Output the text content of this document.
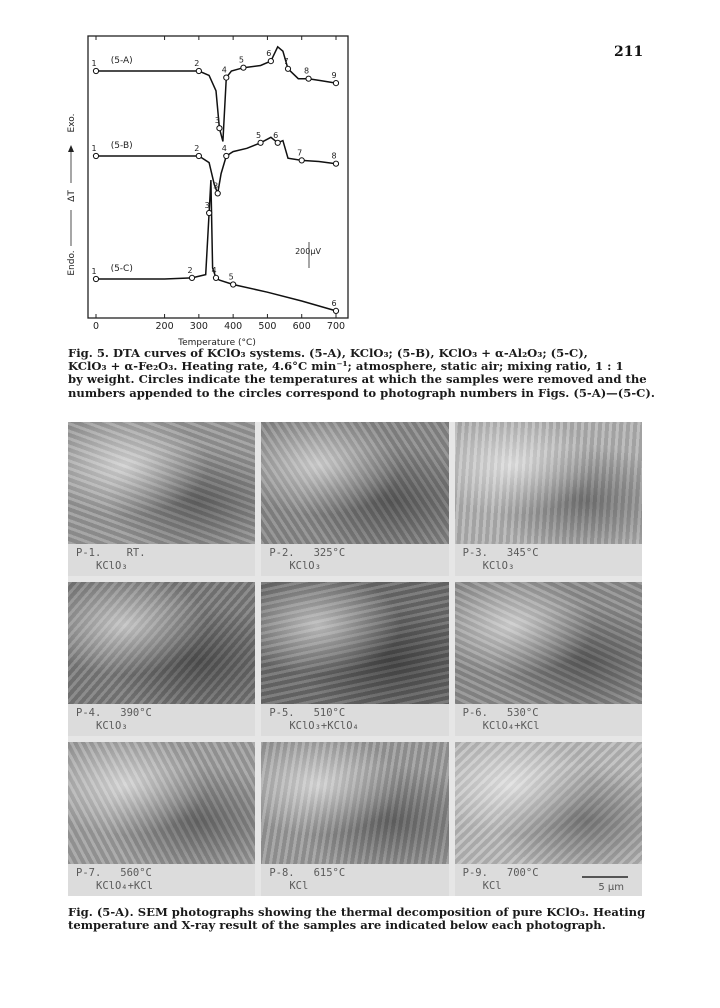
211
0	200 300 400 500 600 700
Temperature (°C)
Endo.
ΔT
Exo.
200μV
(5-A)
1	2
3
4
5
6
7
8	9
(5-B)
1	2
3
4
5 6
7	8
(5-C)
1	2
3
4
5
6
Fig. 5. DTA curves of KClO₃ systems. (5-A), KClO₃; (5-B), KClO₃ + α-Al₂O₃; (5-C),
KClO₃ + α-Fe₂O₃. Heating rate, 4.6°C min⁻¹; atmosphere, static air; mixing ratio, 1 : 1
by weight. Circles indicate the temperatures at which the samples were removed and the
numbers appended to the circles correspond to photograph numbers in Figs. (5-A)—(5-C).
P-1.    RT.
KClO₃
P-2.   325°C
KClO₃
P-3.   345°C
KClO₃
P-4.   390°C
KClO₃
P-5.   510°C
KClO₃+KClO₄
P-6.   530°C
KClO₄+KCl
P-7.   560°C
KClO₄+KCl
P-8.   615°C
KCl
P-9.   700°C
KCl	5 μm
Fig. (5-A). SEM photographs showing the thermal decomposition of pure KClO₃. Heating
temperature and X-ray result of the samples are indicated below each photograph.
